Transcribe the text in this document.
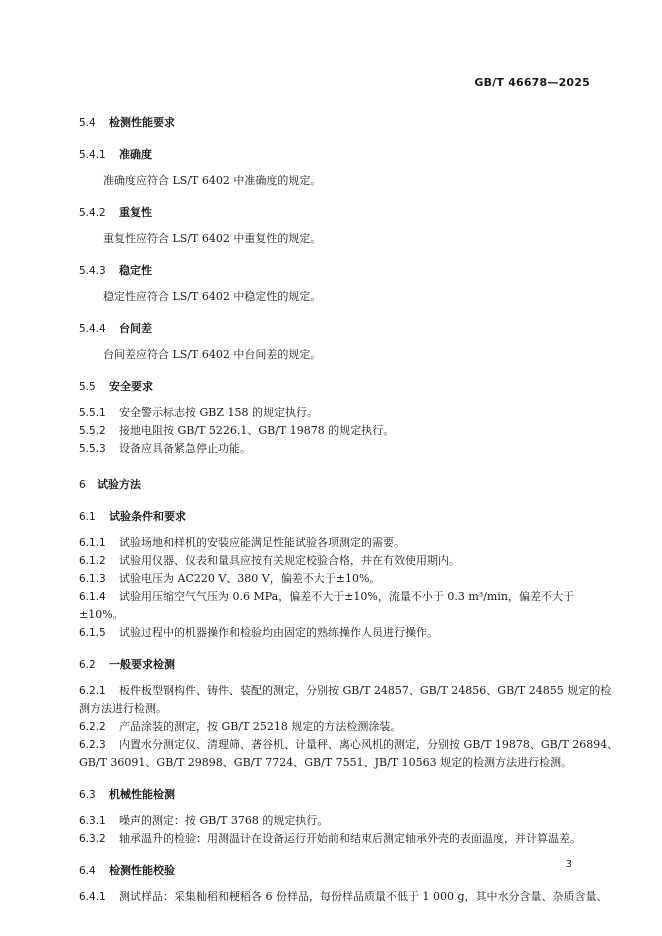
GB/T 46678—2025
5.4 检测性能要求
5.4.1 准确度
准确度应符合 LS/T 6402 中准确度的规定。
5.4.2 重复性
重复性应符合 LS/T 6402 中重复性的规定。
5.4.3 稳定性
稳定性应符合 LS/T 6402 中稳定性的规定。
5.4.4 台间差
台间差应符合 LS/T 6402 中台间差的规定。
5.5 安全要求
5.5.1 安全警示标志按 GBZ 158 的规定执行。
5.5.2 接地电阻按 GB/T 5226.1、GB/T 19878 的规定执行。
5.5.3 设备应具备紧急停止功能。
6 试验方法
6.1 试验条件和要求
6.1.1 试验场地和样机的安装应能满足性能试验各项测定的需要。
6.1.2 试验用仪器、仪表和量具应按有关规定校验合格，并在有效使用期内。
6.1.3 试验电压为 AC220 V、380 V，偏差不大于±10%。
6.1.4 试验用压缩空气气压为 0.6 MPa，偏差不大于±10%，流量不小于 0.3 m³/min，偏差不大于
±10%。
6.1.5 试验过程中的机器操作和检验均由固定的熟练操作人员进行操作。
6.2 一般要求检测
6.2.1 板件板型钢构件、铸件、装配的测定，分别按 GB/T 24857、GB/T 24856、GB/T 24855 规定的检
测方法进行检测。
6.2.2 产品涂装的测定，按 GB/T 25218 规定的方法检测涂装。
6.2.3 内置水分测定仪、清理筛、砻谷机、计量秤、离心风机的测定，分别按 GB/T 19878、GB/T 26894、
GB/T 36091、GB/T 29898、GB/T 7724、GB/T 7551、JB/T 10563 规定的检测方法进行检测。
6.3 机械性能检测
6.3.1 噪声的测定：按 GB/T 3768 的规定执行。
6.3.2 轴承温升的检验：用测温计在设备运行开始前和结束后测定轴承外壳的表面温度，并计算温差。
6.4 检测性能校验
6.4.1 测试样品：采集籼稻和粳稻各 6 份样品，每份样品质量不低于 1 000 g，其中水分含量、杂质含量、
3
